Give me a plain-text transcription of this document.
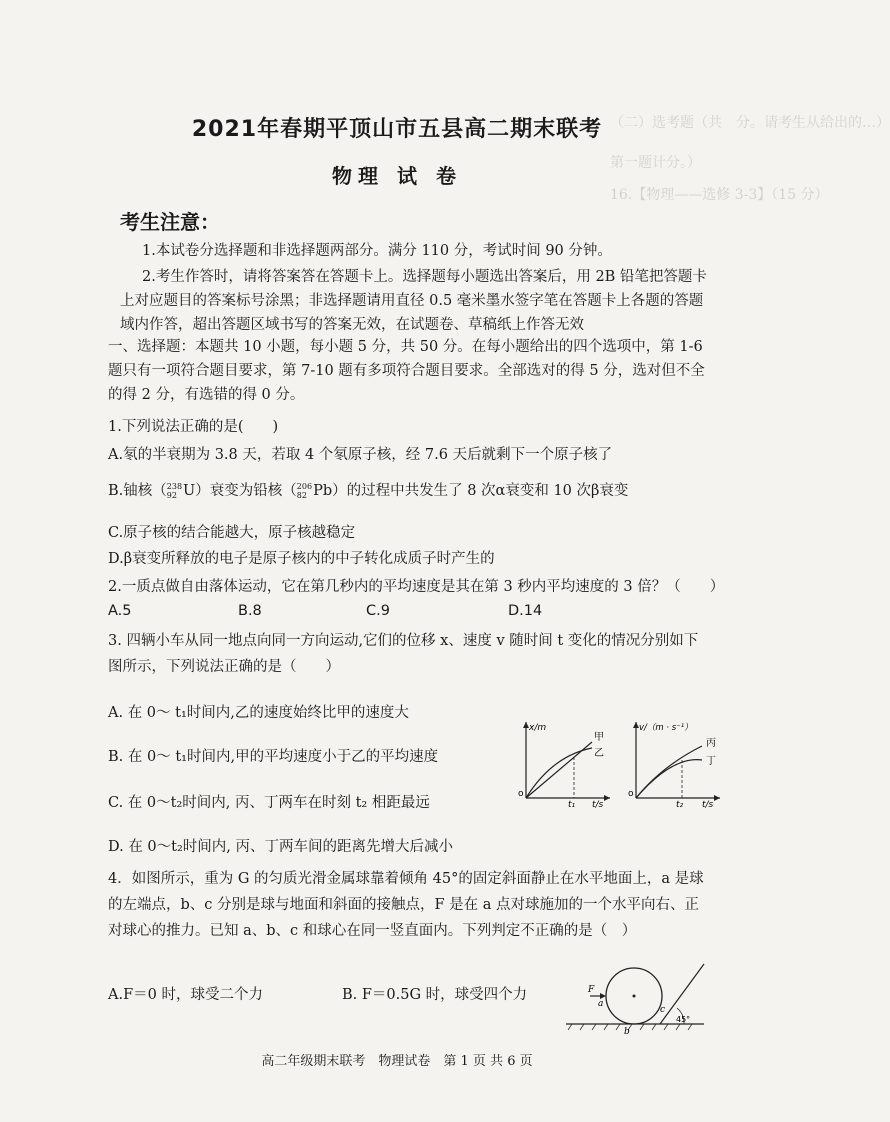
（二）选考题（共　分。请考生从给出的…）
第一题计分。）
16.【物理——选修 3-3】（15 分）
2021年春期平顶山市五县高二期末联考
物理 试 卷
考生注意：
1.本试卷分选择题和非选择题两部分。满分 110 分，考试时间 90 分钟。
2.考生作答时，请将答案答在答题卡上。选择题每小题选出答案后，用 2B 铅笔把答题卡
上对应题目的答案标号涂黑；非选择题请用直径 0.5 毫米墨水签字笔在答题卡上各题的答题
域内作答，超出答题区域书写的答案无效，在试题卷、草稿纸上作答无效
一、选择题：本题共 10 小题，每小题 5 分，共 50 分。在每小题给出的四个选项中，第 1-6
题只有一项符合题目要求，第 7-10 题有多项符合题目要求。全部选对的得 5 分，选对但不全
的得 2 分，有选错的得 0 分。
1.下列说法正确的是(　　)
A.氡的半衰期为 3.8 天，若取 4 个氡原子核，经 7.6 天后就剩下一个原子核了
B.铀核（ 238
92 U）衰变为铅核（ 206
82 Pb）的过程中共发生了 8 次α衰变和 10 次β衰变
C.原子核的结合能越大，原子核越稳定
D.β衰变所释放的电子是原子核内的中子转化成质子时产生的
2.一质点做自由落体运动，它在第几秒内的平均速度是其在第 3 秒内平均速度的 3 倍？（　　）
A.5	B.8	C.9	D.14
3. 四辆小车从同一地点向同一方向运动,它们的位移 x、速度 v 随时间 t 变化的情况分别如下
图所示，下列说法正确的是（　　）
A. 在 0～ t₁时间内,乙的速度始终比甲的速度大
B. 在 0～ t₁时间内,甲的平均速度小于乙的平均速度
C. 在 0～t₂时间内, 丙、丁两车在时刻 t₂ 相距最远
D. 在 0～t₂时间内, 丙、丁两车间的距离先增大后减小
x/m
甲
乙
o
t₁ t/s
v/（m · s⁻¹）
丙
丁
o
t₂ t/s
4．如图所示，重为 G 的匀质光滑金属球靠着倾角 45°的固定斜面静止在水平地面上，a 是球
的左端点，b、c 分别是球与地面和斜面的接触点，F 是在 a 点对球施加的一个水平向右、正
对球心的推力。已知 a、b、c 和球心在同一竖直面内。下列判定不正确的是（　）
A.F＝0 时，球受二个力	B. F＝0.5G 时，球受四个力	F
a
b
c
45°
高二年级期末联考　物理试卷　第 1 页 共 6 页
